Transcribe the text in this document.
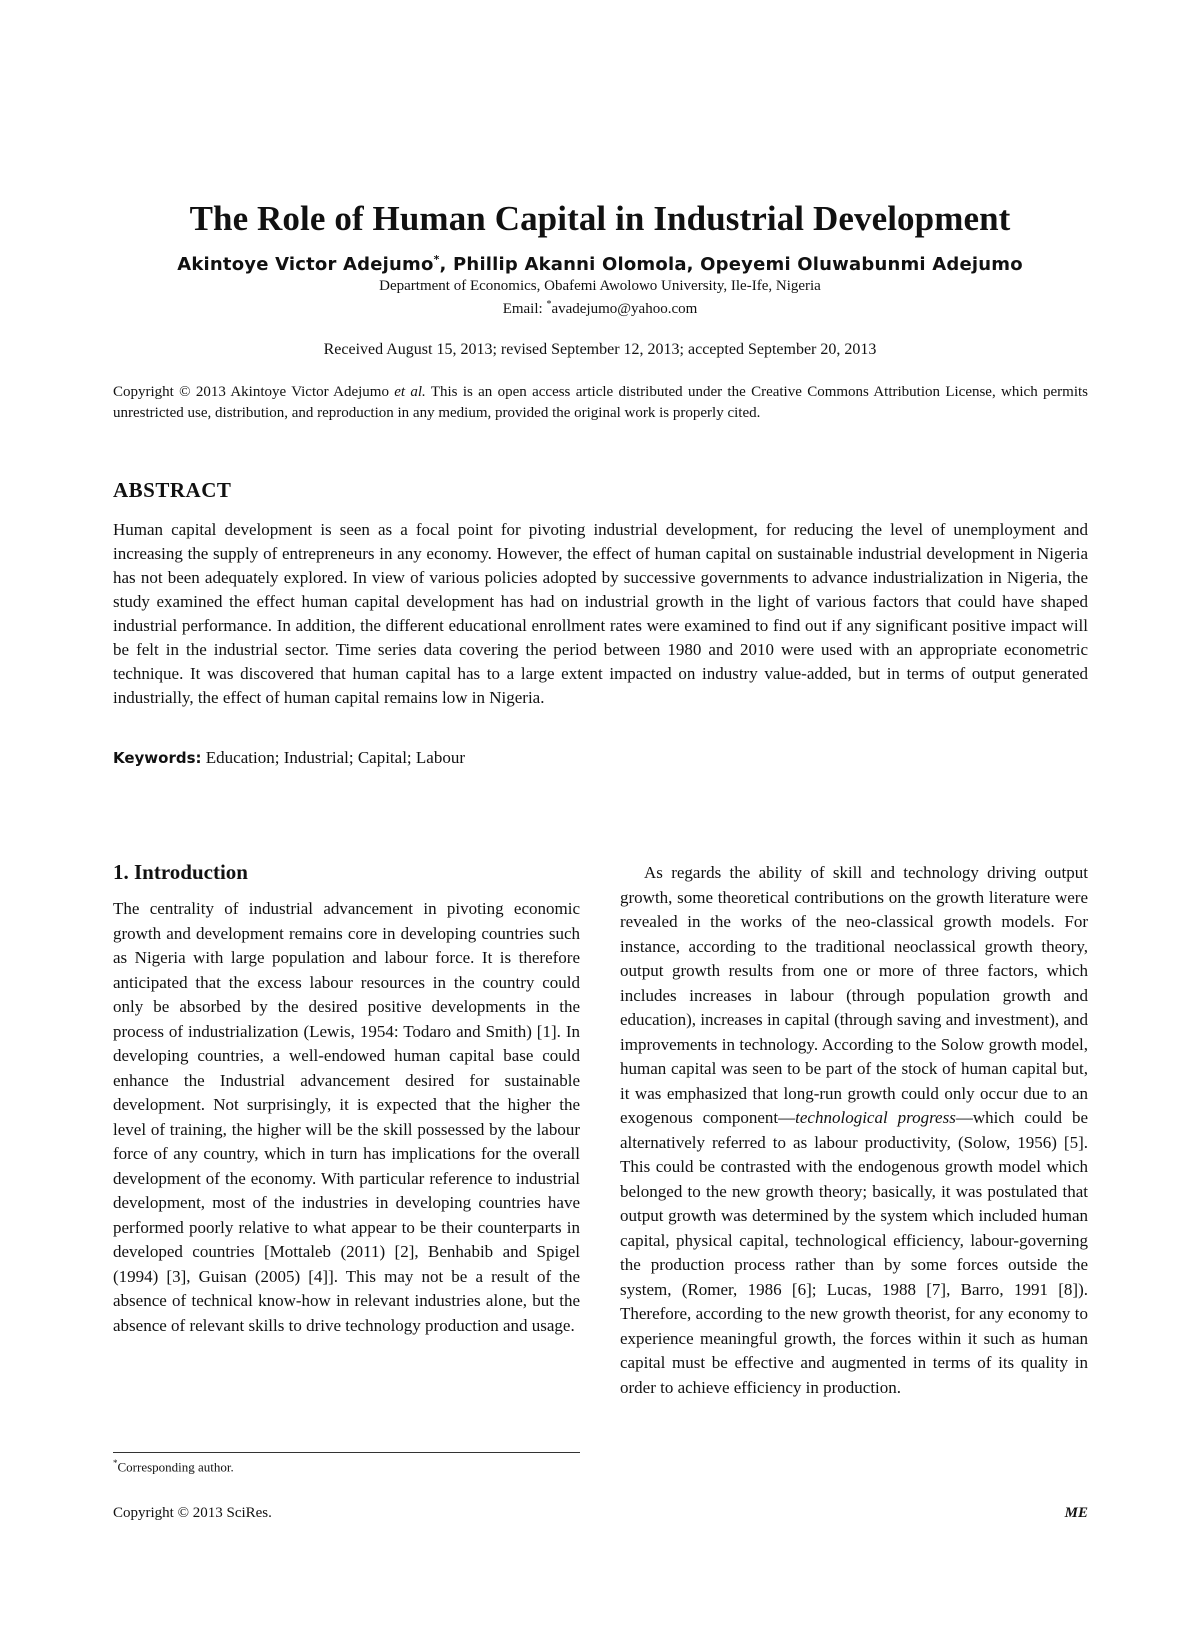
The Role of Human Capital in Industrial Development
Akintoye Victor Adejumo*, Phillip Akanni Olomola, Opeyemi Oluwabunmi Adejumo
Department of Economics, Obafemi Awolowo University, Ile-Ife, Nigeria
Email: *avadejumo@yahoo.com
Received August 15, 2013; revised September 12, 2013; accepted September 20, 2013
Copyright © 2013 Akintoye Victor Adejumo et al. This is an open access article distributed under the Creative Commons Attribution License, which permits unrestricted use, distribution, and reproduction in any medium, provided the original work is properly cited.
ABSTRACT
Human capital development is seen as a focal point for pivoting industrial development, for reducing the level of unemployment and increasing the supply of entrepreneurs in any economy. However, the effect of human capital on sustainable industrial development in Nigeria has not been adequately explored. In view of various policies adopted by successive governments to advance industrialization in Nigeria, the study examined the effect human capital development has had on industrial growth in the light of various factors that could have shaped industrial performance. In addition, the different educational enrollment rates were examined to find out if any significant positive impact will be felt in the industrial sector. Time series data covering the period between 1980 and 2010 were used with an appropriate econometric technique. It was discovered that human capital has to a large extent impacted on industry value-added, but in terms of output generated industrially, the effect of human capital remains low in Nigeria.
Keywords: Education; Industrial; Capital; Labour
1. Introduction

The centrality of industrial advancement in pivoting economic growth and development remains core in developing countries such as Nigeria with large population and labour force. It is therefore anticipated that the excess labour resources in the country could only be absorbed by the desired positive developments in the process of industrialization (Lewis, 1954: Todaro and Smith) [1]. In developing countries, a well-endowed human capital base could enhance the Industrial advancement desired for sustainable development. Not surprisingly, it is expected that the higher the level of training, the higher will be the skill possessed by the labour force of any country, which in turn has implications for the overall development of the economy. With particular reference to industrial development, most of the industries in developing countries have performed poorly relative to what appear to be their counterparts in developed countries [Mottaleb (2011) [2], Benhabib and Spigel (1994) [3], Guisan (2005) [4]]. This may not be a result of the absence of technical know-how in relevant industries alone, but the absence of relevant skills to drive technology production and usage.

As regards the ability of skill and technology driving output growth, some theoretical contributions on the growth literature were revealed in the works of the neo-classical growth models. For instance, according to the traditional neoclassical growth theory, output growth results from one or more of three factors, which includes increases in labour (through population growth and education), increases in capital (through saving and investment), and improvements in technology. According to the Solow growth model, human capital was seen to be part of the stock of human capital but, it was emphasized that long-run growth could only occur due to an exogenous component—technological progress—which could be alternatively referred to as labour productivity, (Solow, 1956) [5]. This could be contrasted with the endogenous growth model which belonged to the new growth theory; basically, it was postulated that output growth was determined by the system which included human capital, physical capital, technological efficiency, labour-governing the production process rather than by some forces outside the system, (Romer, 1986 [6]; Lucas, 1988 [7], Barro, 1991 [8]). Therefore, according to the new growth theorist, for any economy to experience meaningful growth, the forces within it such as human capital must be effective and augmented in terms of its quality in order to achieve efficiency in production.

*Corresponding author.
Copyright © 2013 SciRes.	ME
